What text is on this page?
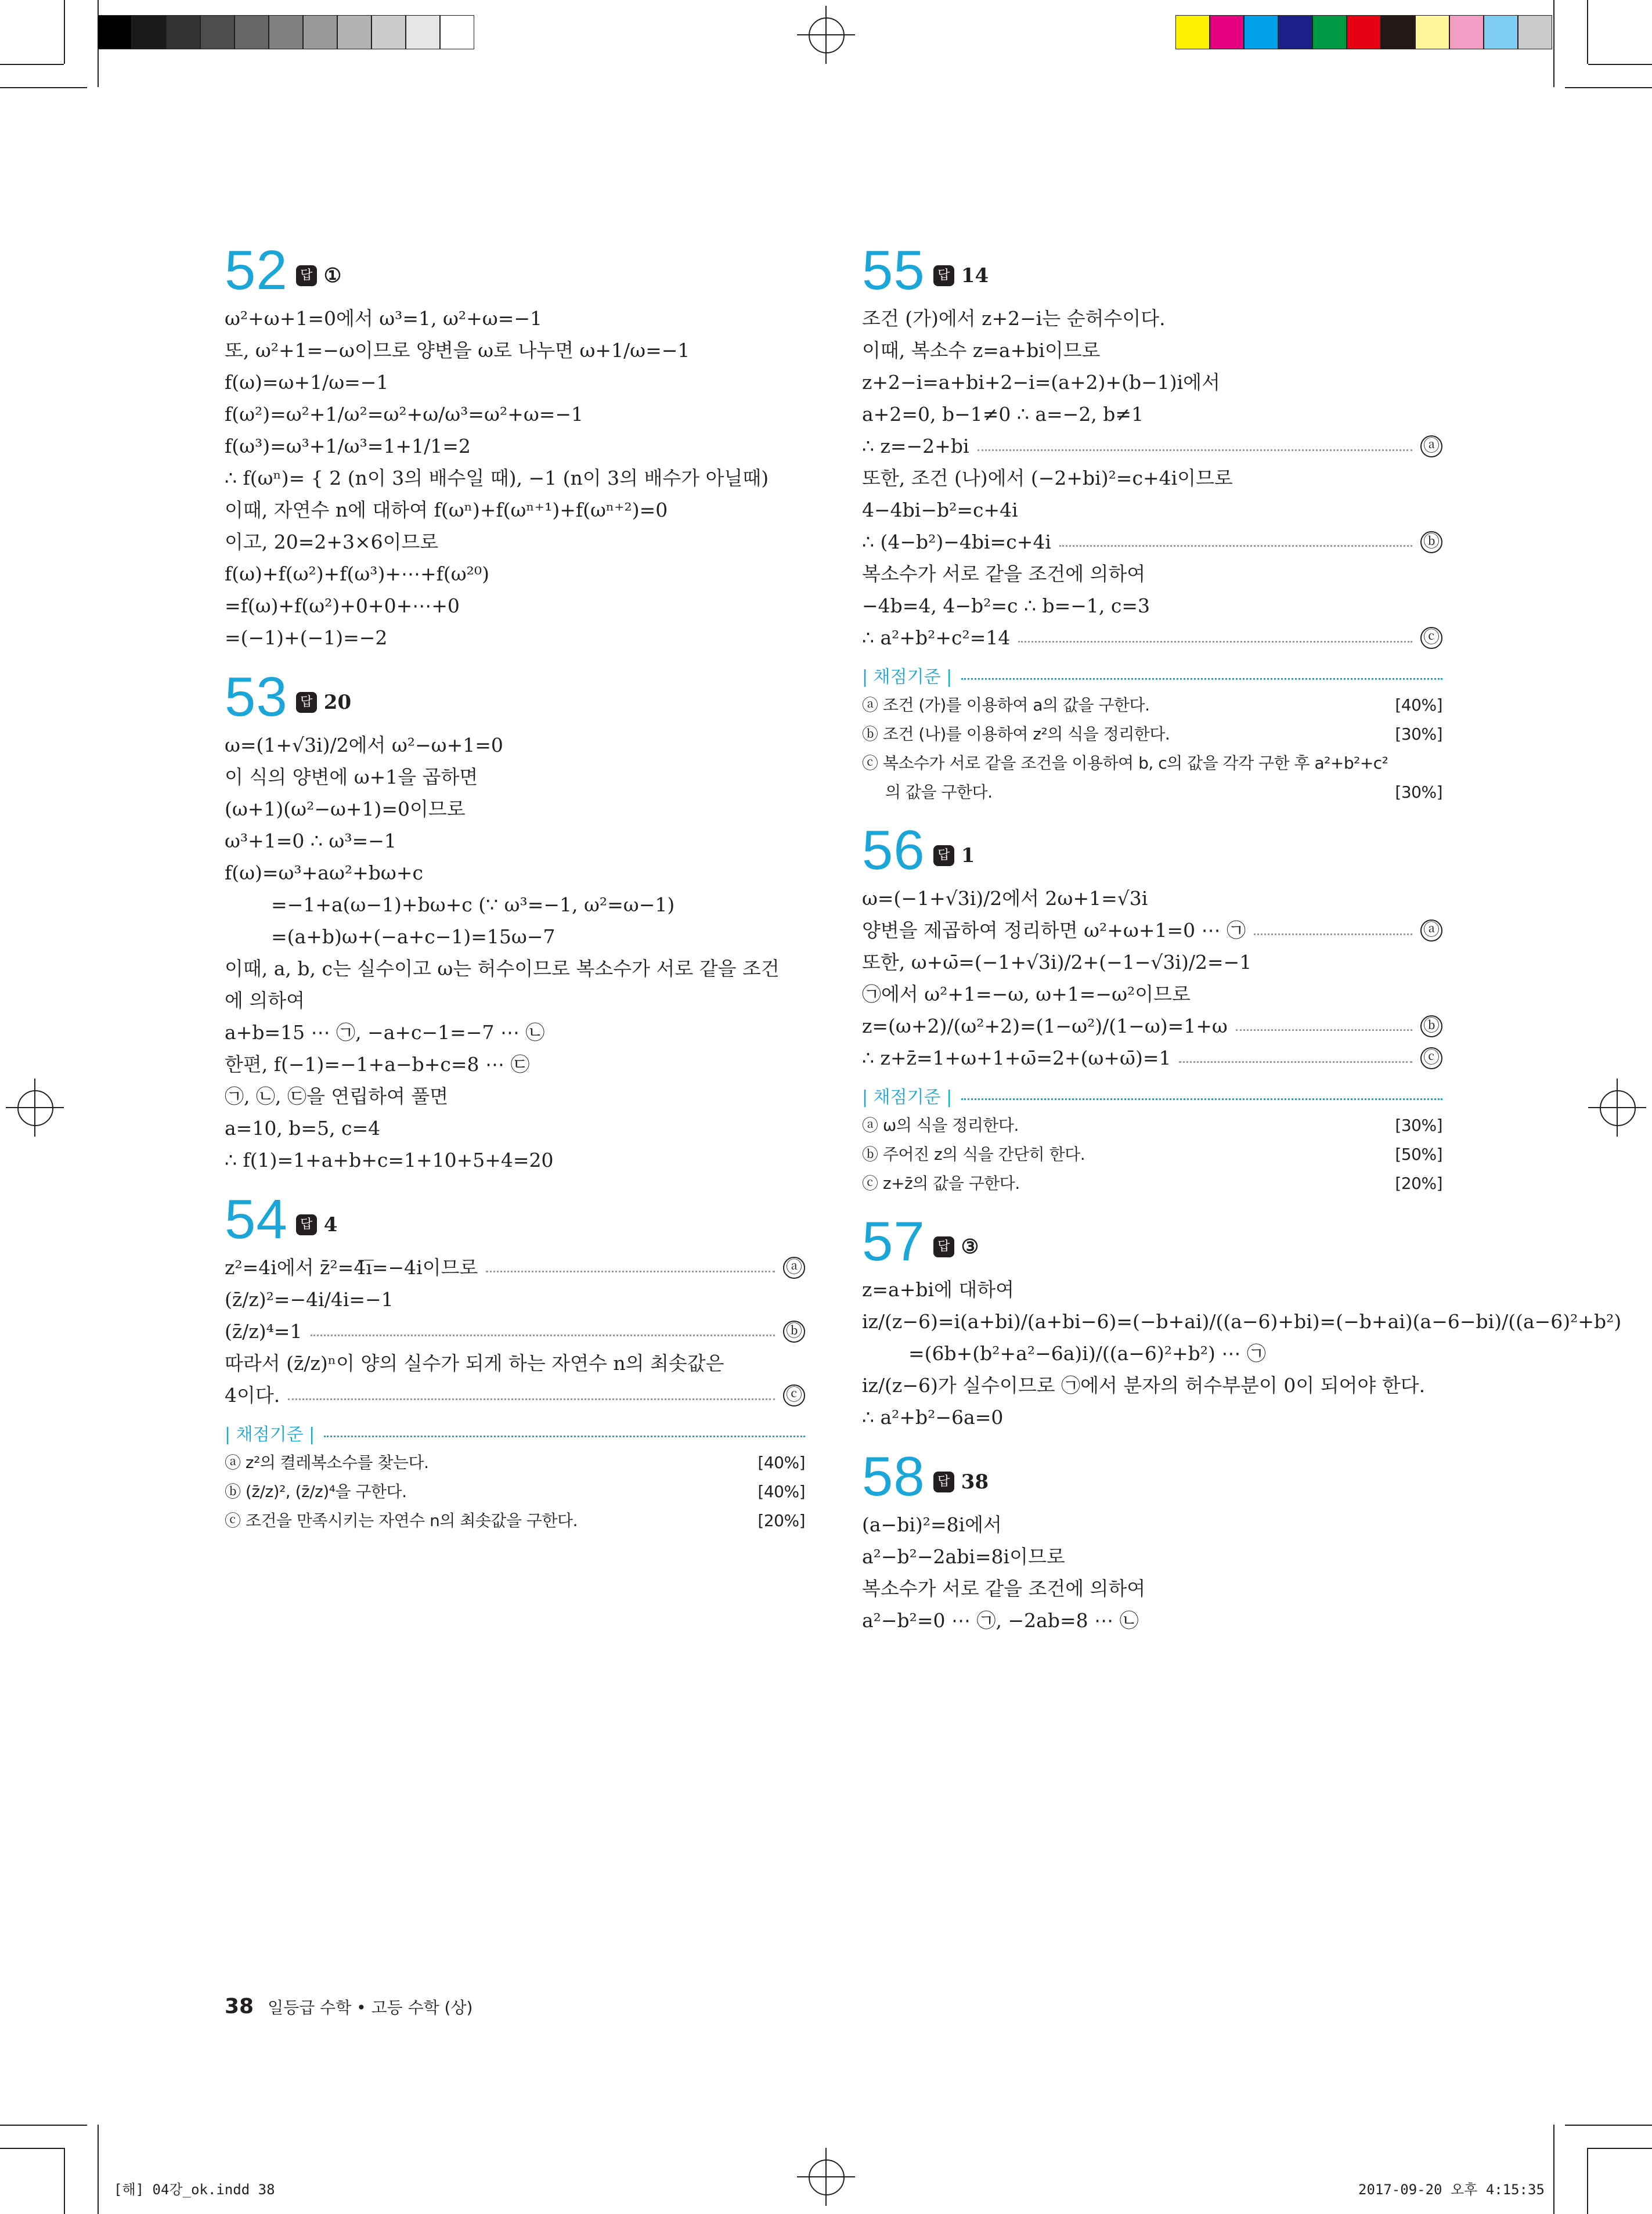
52 답 ①
ω²+ω+1=0에서 ω³=1, ω²+ω=−1
또, ω²+1=−ω이므로 양변을 ω로 나누면 ω+1/ω=−1
f(ω)=ω+1/ω=−1
f(ω²)=ω²+1/ω²=ω²+ω/ω³=ω²+ω=−1
f(ω³)=ω³+1/ω³=1+1/1=2
∴ f(ωⁿ)= { 2 (n이 3의 배수일 때), −1 (n이 3의 배수가 아닐때)
이때, 자연수 n에 대하여 f(ωⁿ)+f(ωⁿ⁺¹)+f(ωⁿ⁺²)=0
이고, 20=2+3×6이므로
f(ω)+f(ω²)+f(ω³)+⋯+f(ω²⁰)
=f(ω)+f(ω²)+0+0+⋯+0
=(−1)+(−1)=−2
53 답 20
ω=(1+√3i)/2에서 ω²−ω+1=0
이 식의 양변에 ω+1을 곱하면
(ω+1)(ω²−ω+1)=0이므로
ω³+1=0 ∴ ω³=−1
f(ω)=ω³+aω²+bω+c
=−1+a(ω−1)+bω+c (∵ ω³=−1, ω²=ω−1)
=(a+b)ω+(−a+c−1)=15ω−7
이때, a, b, c는 실수이고 ω는 허수이므로 복소수가 서로 같을 조건
에 의하여
a+b=15 ⋯ ㉠, −a+c−1=−7 ⋯ ㉡
한편, f(−1)=−1+a−b+c=8 ⋯ ㉢
㉠, ㉡, ㉢을 연립하여 풀면
a=10, b=5, c=4
∴ f(1)=1+a+b+c=1+10+5+4=20
54 답 4
z²=4i에서 z̄²=4̄i̅=−4i이므로	ⓐ
(z̄/z)²=−4i/4i=−1
(z̄/z)⁴=1	ⓑ
따라서 (z̄/z)ⁿ이 양의 실수가 되게 하는 자연수 n의 최솟값은
4이다.	ⓒ
| 채점기준 |
ⓐ z²의 켤레복소수를 찾는다.	[40%]
ⓑ (z̄/z)², (z̄/z)⁴을 구한다.	[40%]
ⓒ 조건을 만족시키는 자연수 n의 최솟값을 구한다.	[20%]
55 답 14
조건 (가)에서 z+2−i는 순허수이다.
이때, 복소수 z=a+bi이므로
z+2−i=a+bi+2−i=(a+2)+(b−1)i에서
a+2=0, b−1≠0 ∴ a=−2, b≠1
∴ z=−2+bi	ⓐ
또한, 조건 (나)에서 (−2+bi)²=c+4i이므로
4−4bi−b²=c+4i
∴ (4−b²)−4bi=c+4i	ⓑ
복소수가 서로 같을 조건에 의하여
−4b=4, 4−b²=c ∴ b=−1, c=3
∴ a²+b²+c²=14	ⓒ
| 채점기준 |
ⓐ 조건 (가)를 이용하여 a의 값을 구한다.	[40%]
ⓑ 조건 (나)를 이용하여 z²의 식을 정리한다.	[30%]
ⓒ 복소수가 서로 같을 조건을 이용하여 b, c의 값을 각각 구한 후 a²+b²+c²
의 값을 구한다.	[30%]
56 답 1
ω=(−1+√3i)/2에서 2ω+1=√3i
양변을 제곱하여 정리하면 ω²+ω+1=0 ⋯ ㉠	ⓐ
또한, ω+ω̄=(−1+√3i)/2+(−1−√3i)/2=−1
㉠에서 ω²+1=−ω, ω+1=−ω²이므로
z=(ω+2)/(ω²+2)=(1−ω²)/(1−ω)=1+ω	ⓑ
∴ z+z̄=1+ω+1+ω̄=2+(ω+ω̄)=1	ⓒ
| 채점기준 |
ⓐ ω의 식을 정리한다.	[30%]
ⓑ 주어진 z의 식을 간단히 한다.	[50%]
ⓒ z+z̄의 값을 구한다.	[20%]
57 답 ③
z=a+bi에 대하여
iz/(z−6)=i(a+bi)/(a+bi−6)=(−b+ai)/((a−6)+bi)=(−b+ai)(a−6−bi)/((a−6)²+b²)
=(6b+(b²+a²−6a)i)/((a−6)²+b²) ⋯ ㉠
iz/(z−6)가 실수이므로 ㉠에서 분자의 허수부분이 0이 되어야 한다.
∴ a²+b²−6a=0
58 답 38
(a−bi)²=8i에서
a²−b²−2abi=8i이므로
복소수가 서로 같을 조건에 의하여
a²−b²=0 ⋯ ㉠, −2ab=8 ⋯ ㉡
38 일등급 수학 • 고등 수학 (상)
[해] 04강_ok.indd 38	2017-09-20 오후 4:15:35
